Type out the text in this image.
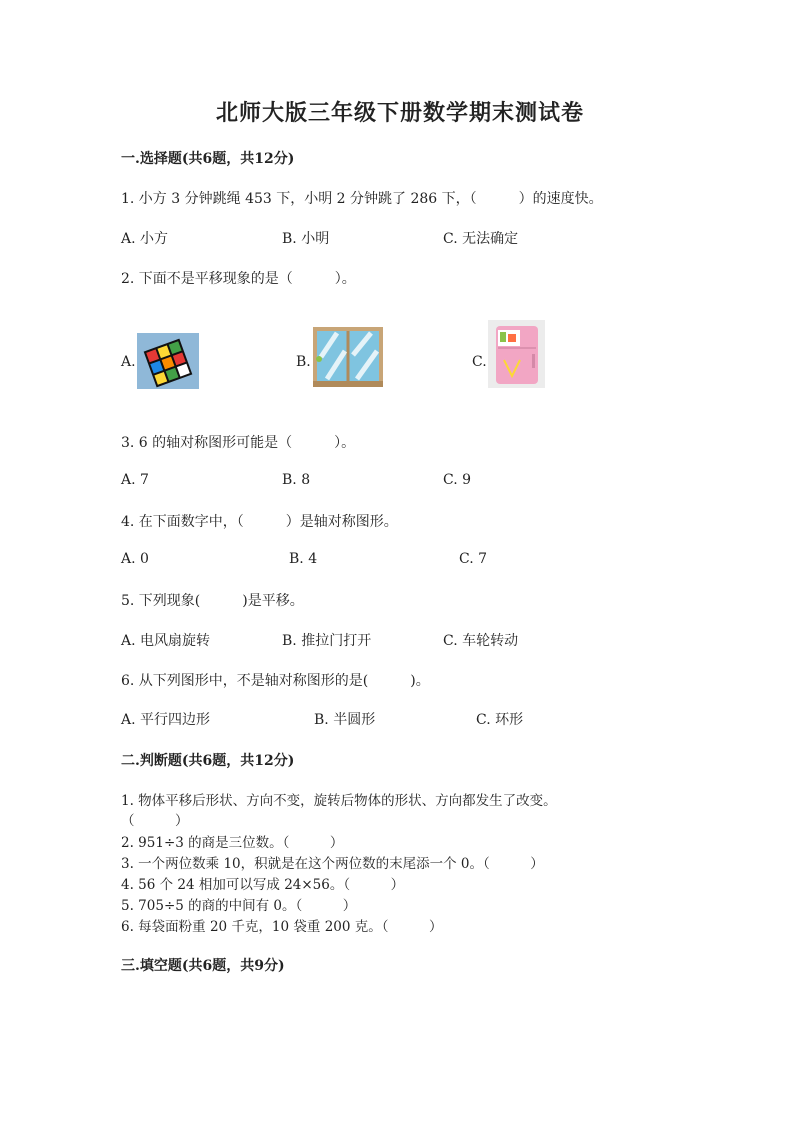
北师大版三年级下册数学期末测试卷
一.选择题(共6题，共12分)
1. 小方 3 分钟跳绳 453 下，小明 2 分钟跳了 286 下，（　　　）的速度快。
A. 小方	B. 小明	C. 无法确定
2. 下面不是平移现象的是（　　　）。
A.	B.	C.
3. 6 的轴对称图形可能是（　　　）。
A. 7	B. 8	C. 9
4. 在下面数字中，（　　　）是轴对称图形。
A. 0	B. 4	C. 7
5. 下列现象(　　　)是平移。
A. 电风扇旋转	B. 推拉门打开	C. 车轮转动
6. 从下列图形中，不是轴对称图形的是(　　　)。
A. 平行四边形	B. 半圆形	C. 环形
二.判断题(共6题，共12分)
1. 物体平移后形状、方向不变，旋转后物体的形状、方向都发生了改变。
（　　　）
2. 951÷3 的商是三位数。（　　　）
3. 一个两位数乘 10，积就是在这个两位数的末尾添一个 0。（　　　）
4. 56 个 24 相加可以写成 24×56。（　　　）
5. 705÷5 的商的中间有 0。（　　　）
6. 每袋面粉重 20 千克，10 袋重 200 克。（　　　）
三.填空题(共6题，共9分)
